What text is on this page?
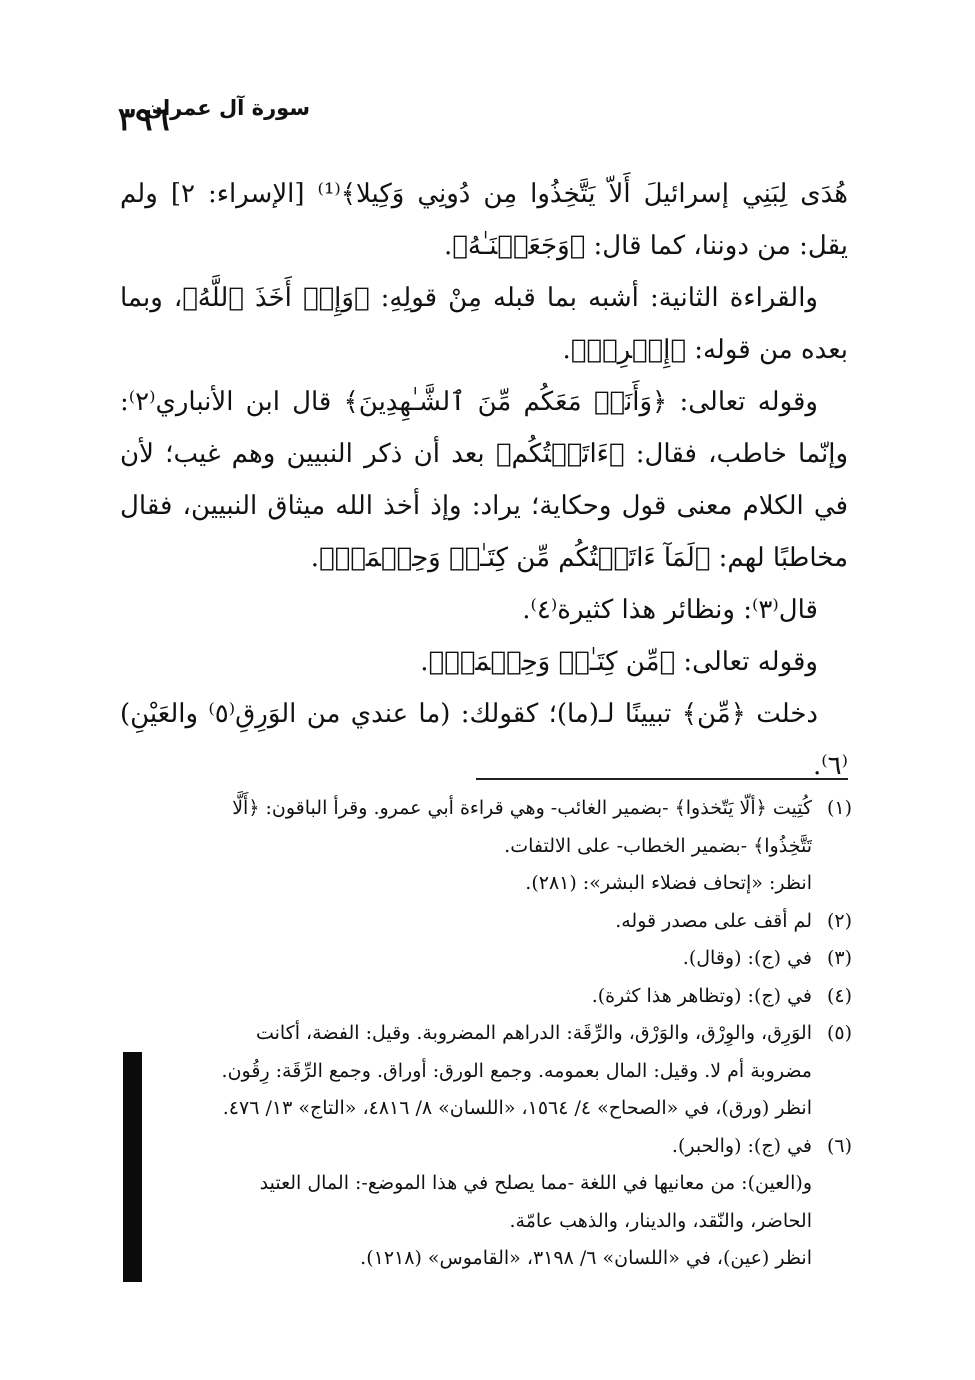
٣٩٦
سورة آل عمران

هُدَى لِبَنِي إسرائيلَ أَلاّ يَتَّخِذُوا مِن دُونِي وَكِيلا﴾⁽¹⁾ [الإسراء: ٢] ولم يقل: من دوننا، كما قال: ﴿وَجَعَلۡنَـٰهُ﴾.

والقراءة الثانية: أشبه بما قبله مِنْ قولِهِ: ﴿وَإِذۡ أَخَذَ ٱللَّهُ﴾، وبما بعده من قوله: ﴿إِصۡرِيۖ﴾.

وقوله تعالى: ﴿وَأَنَا۠ مَعَكُم مِّنَ ٱلشَّـٰهِدِينَ﴾ قال ابن الأنباري⁽٢⁾: وإنّما خاطب، فقال: ﴿ءَاتَيۡتُكُم﴾ بعد أن ذكر النبيين وهم غيب؛ لأن في الكلام معنى قول وحكاية؛ يراد: وإذ أخذ الله ميثاق النبيين، فقال مخاطبًا لهم: ﴿لَمَآ ءَاتَيۡتُكُم مِّن كِتَـٰبٖ وَحِكۡمَةٖ﴾.

قال⁽٣⁾: ونظائر هذا كثيرة⁽٤⁾.

وقوله تعالى: ﴿مِّن كِتَـٰبٖ وَحِكۡمَةٖ﴾.

دخلت ﴿مِّن﴾ تبيينًا لـ(ما)؛ كقولك: (ما عندي من الوَرِقِ⁽٥⁾ والعَيْنِ)⁽٦⁾.

(١)
كُتِيت ﴿ألّا يَتّخذوا﴾ -بضمير الغائب- وهي قراءة أبي عمرو. وقرأ الباقون: ﴿أَلَّا
تَتَّخِذُوا﴾ -بضمير الخطاب- على الالتفات.
انظر: «إتحاف فضلاء البشر»: (٢٨١).
(٢)
لم أقف على مصدر قوله.
(٣)
في (ج): (وقال).
(٤)
في (ج): (وتظاهر هذا كثرة).
(٥)
الوَرِق، والوِرْق، والوَرْق، والرِّقَة: الدراهم المضروبة. وقيل: الفضة، أكانت
مضروبة أم لا. وقيل: المال بعمومه. وجمع الورق: أوراق. وجمع الرِّقَة: رِقُون.
انظر (ورق)، في «الصحاح» ٤/ ١٥٦٤، «اللسان» ٨/ ٤٨١٦، «التاج» ١٣/ ٤٧٦.
(٦)
في (ج): (والحبر).
و(العين): من معانيها في اللغة -مما يصلح في هذا الموضع-: المال العتيد
الحاضر، والنّقد، والدينار، والذهب عامّة.
انظر (عين)، في «اللسان» ٦/ ٣١٩٨، «القاموس» (١٢١٨).
